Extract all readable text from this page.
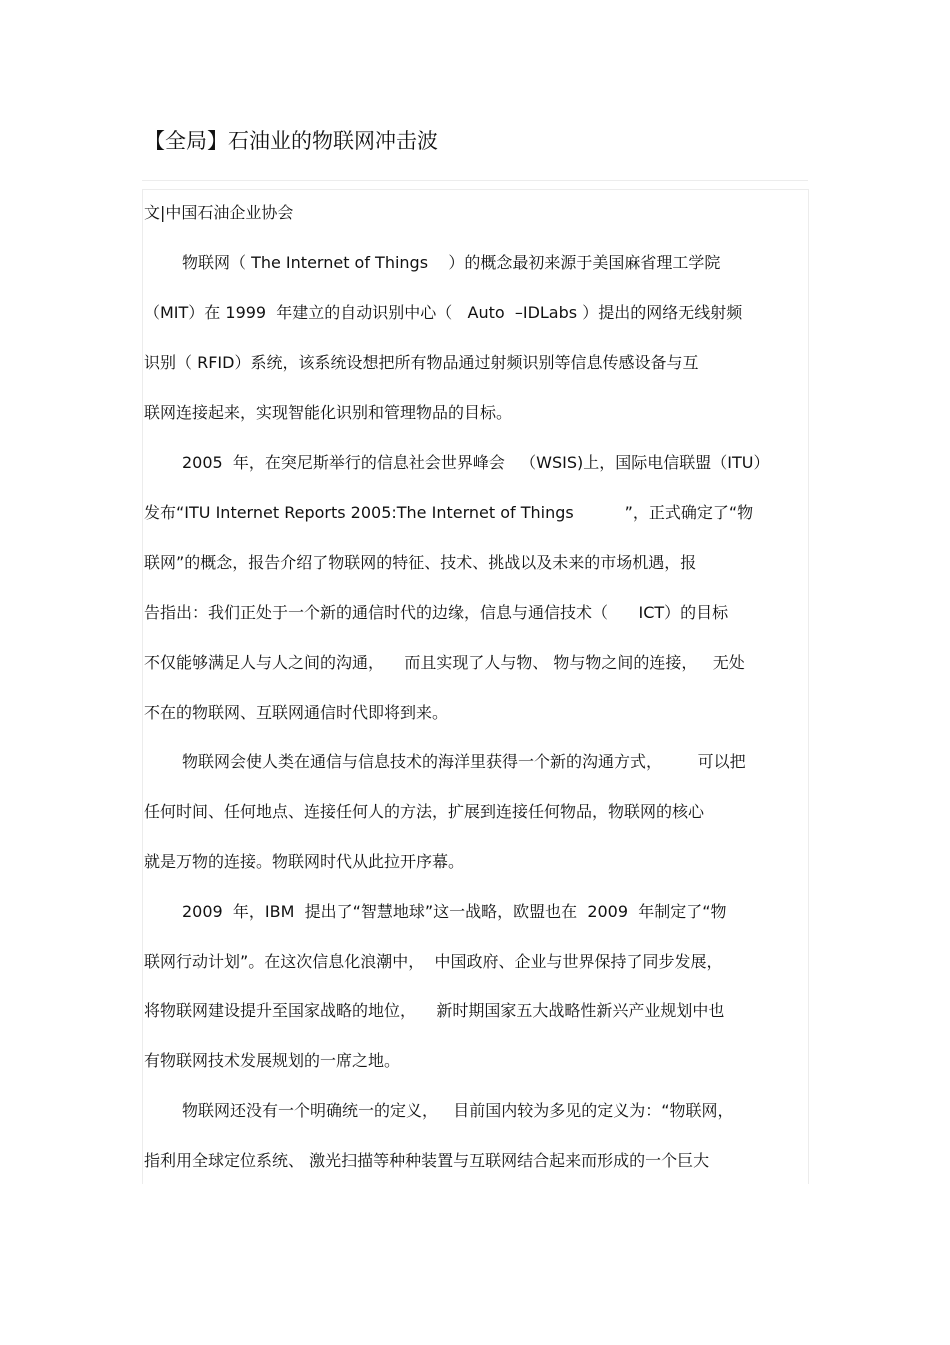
【全局】石油业的物联网冲击波
文|中国石油企业协会
物联网（ The Internet of Things    ）的概念最初来源于美国麻省理工学院
（MIT）在 1999  年建立的自动识别中心（   Auto  –IDLabs ）提出的网络无线射频
识别（ RFID）系统，该系统设想把所有物品通过射频识别等信息传感设备与互
联网连接起来，实现智能化识别和管理物品的目标。
2005  年，在突尼斯举行的信息社会世界峰会   （WSIS)上，国际电信联盟（ITU）
发布“ITU Internet Reports 2005:The Internet of Things          ”，正式确定了“物
联网”的概念，报告介绍了物联网的特征、技术、挑战以及未来的市场机遇，报
告指出：我们正处于一个新的通信时代的边缘，信息与通信技术（      ICT）的目标
不仅能够满足人与人之间的沟通，    而且实现了人与物、 物与物之间的连接，   无处
不在的物联网、互联网通信时代即将到来。
物联网会使人类在通信与信息技术的海洋里获得一个新的沟通方式，       可以把
任何时间、任何地点、连接任何人的方法，扩展到连接任何物品，物联网的核心
就是万物的连接。物联网时代从此拉开序幕。
2009  年，IBM  提出了“智慧地球”这一战略，欧盟也在  2009  年制定了“物
联网行动计划”。在这次信息化浪潮中，  中国政府、企业与世界保持了同步发展，
将物联网建设提升至国家战略的地位，    新时期国家五大战略性新兴产业规划中也
有物联网技术发展规划的一席之地。
物联网还没有一个明确统一的定义，   目前国内较为多见的定义为：“物联网，
指利用全球定位系统、 激光扫描等种种装置与互联网结合起来而形成的一个巨大
